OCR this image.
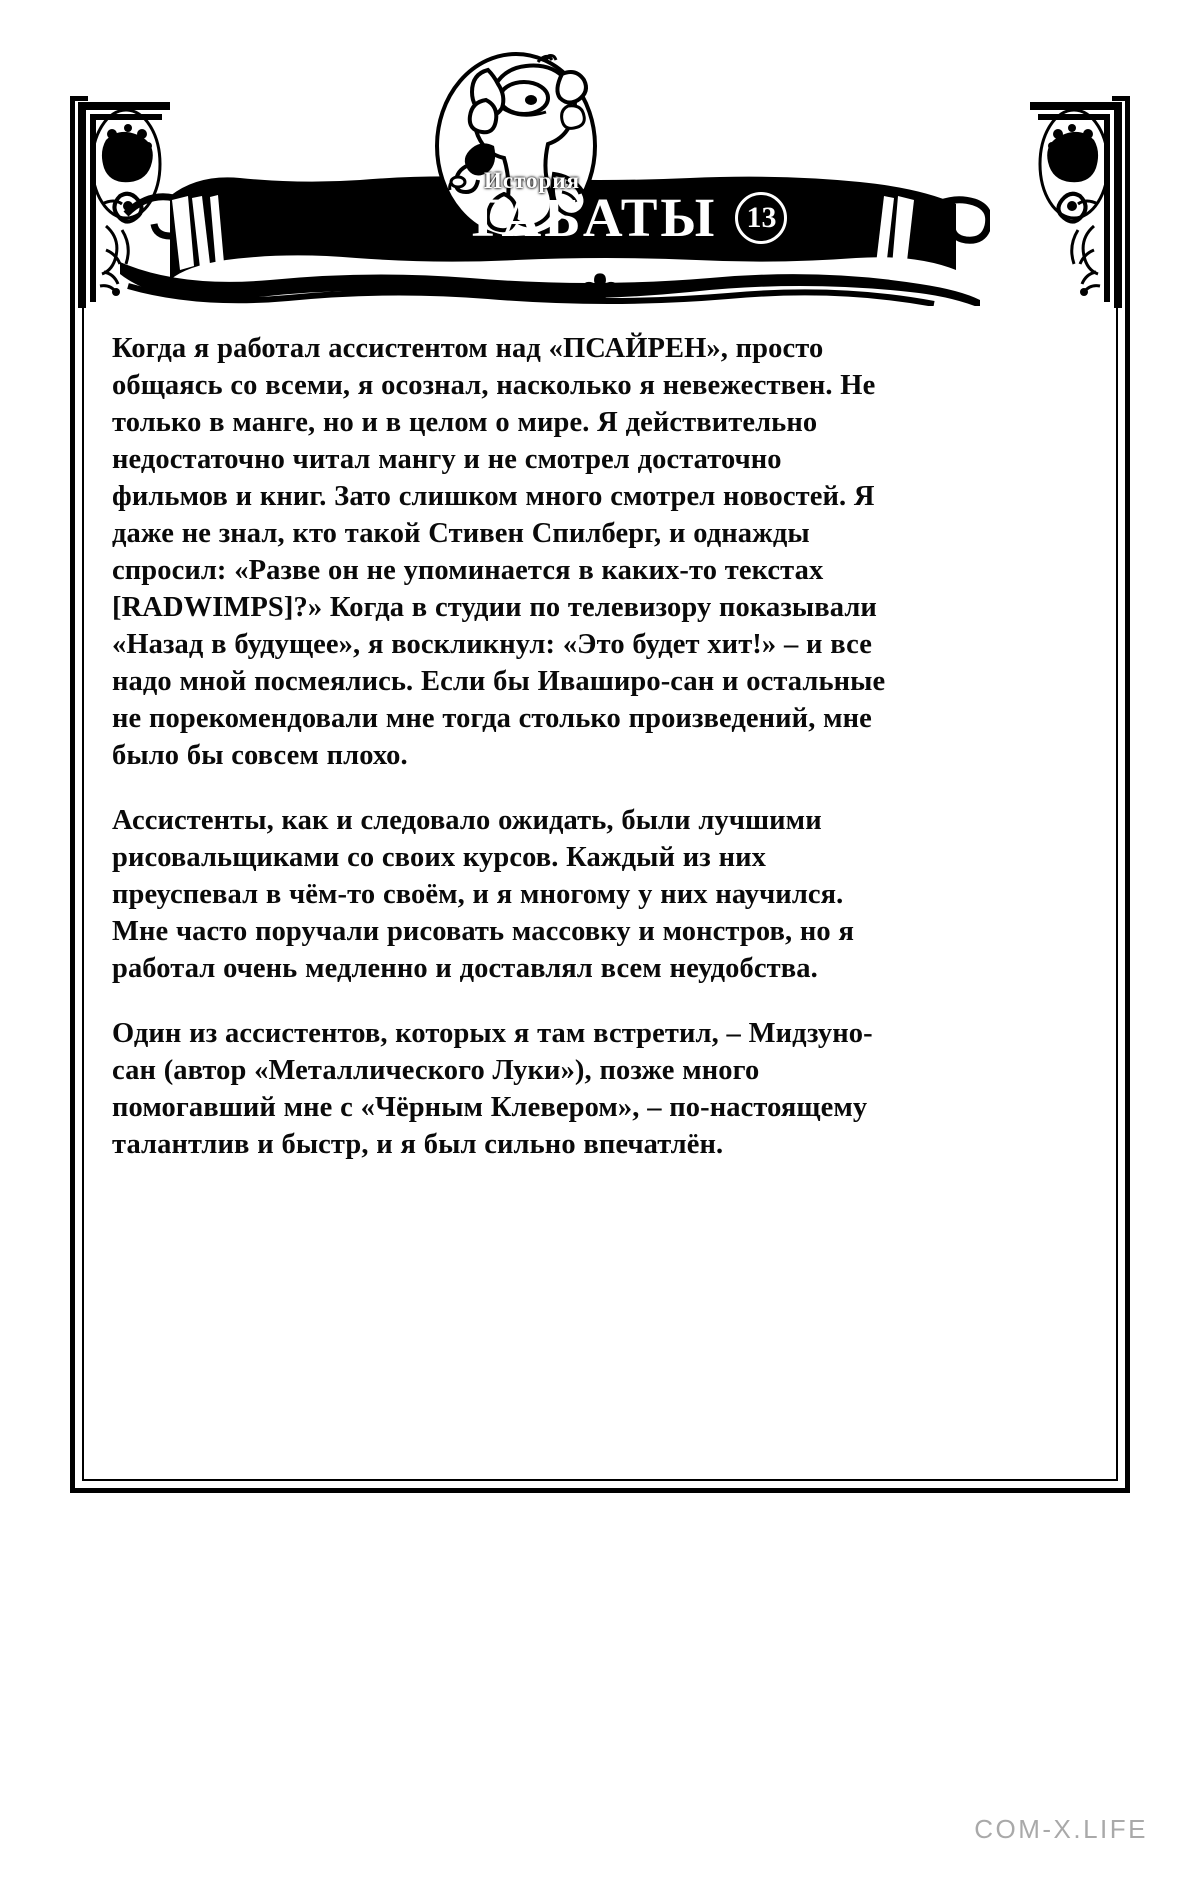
История
ТАБАТЫ 13

Когда я работал ассистентом над «ПСАЙРЕН», просто общаясь со всеми, я осознал, насколько я невежествен. Не только в манге, но и в целом о мире. Я действительно недостаточно читал мангу и не смотрел достаточно фильмов и книг. Зато слишком много смотрел новостей. Я даже не знал, кто такой Стивен Спилберг, и однажды спросил: «Разве он не упоминается в каких-то текстах [RADWIMPS]?» Когда в студии по телевизору показывали «Назад в будущее», я воскликнул: «Это будет хит!» – и все надо мной посмеялись. Если бы Иваширо-сан и остальные не порекомендовали мне тогда столько произведений, мне было бы совсем плохо.

Ассистенты, как и следовало ожидать, были лучшими рисовальщиками со своих курсов. Каждый из них преуспевал в чём-то своём, и я многому у них научился.
Мне часто поручали рисовать массовку и монстров, но я работал очень медленно и доставлял всем неудобства.

Один из ассистентов, которых я там встретил, – Мидзуно-сан (автор «Металлического Луки»), позже много помогавший мне с «Чёрным Клевером», – по-настоящему талантлив и быстр, и я был сильно впечатлён.

COM-X.LIFE
